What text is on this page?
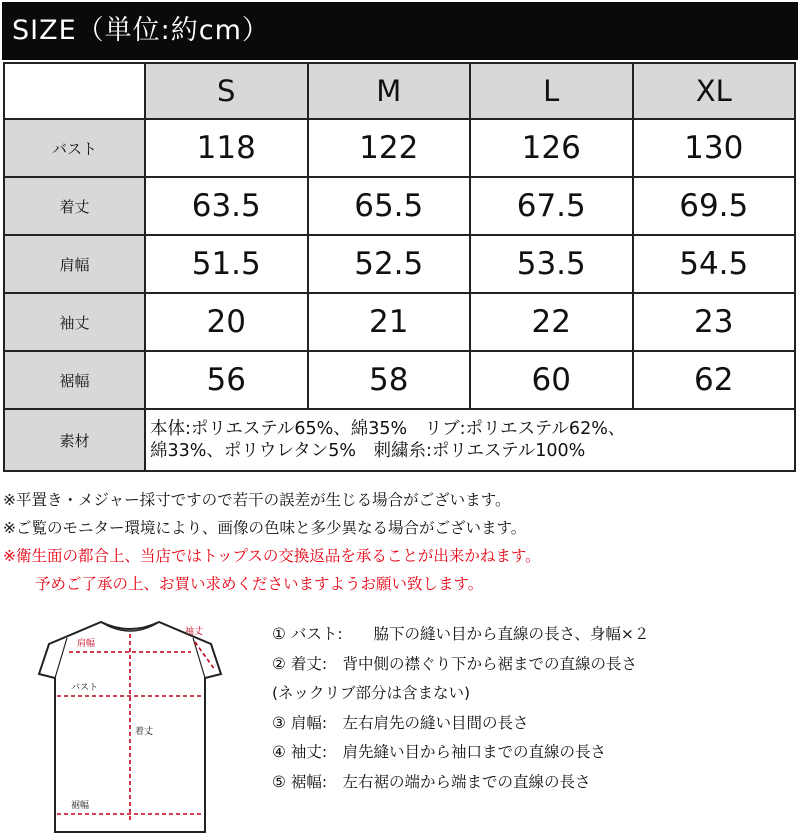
SIZE（単位:約cm）
	S	M	L	XL
バスト	118	122	126	130
着丈	63.5	65.5	67.5	69.5
肩幅	51.5	52.5	53.5	54.5
袖丈	20	21	22	23
裾幅	56	58	60	62
素材	本体:ポリエステル65%、綿35%　リブ:ポリエステル62%、
綿33%、ポリウレタン5%　刺繍糸:ポリエステル100%			
※平置き・メジャー採寸ですので若干の誤差が生じる場合がございます。
※ご覧のモニター環境により、画像の色味と多少異なる場合がございます。
※衛生面の都合上、当店ではトップスの交換返品を承ることが出来かねます。
予めご了承の上、お買い求めくださいますようお願い致します。
袖丈
肩幅
バスト
着丈
裾幅
① バスト:　　脇下の縫い目から直線の長さ、身幅×２
② 着丈:　背中側の襟ぐり下から裾までの直線の長さ
(ネックリブ部分は含まない)
③ 肩幅:　左右肩先の縫い目間の長さ
④ 袖丈:　肩先縫い目から袖口までの直線の長さ
⑤ 裾幅:　左右裾の端から端までの直線の長さ
